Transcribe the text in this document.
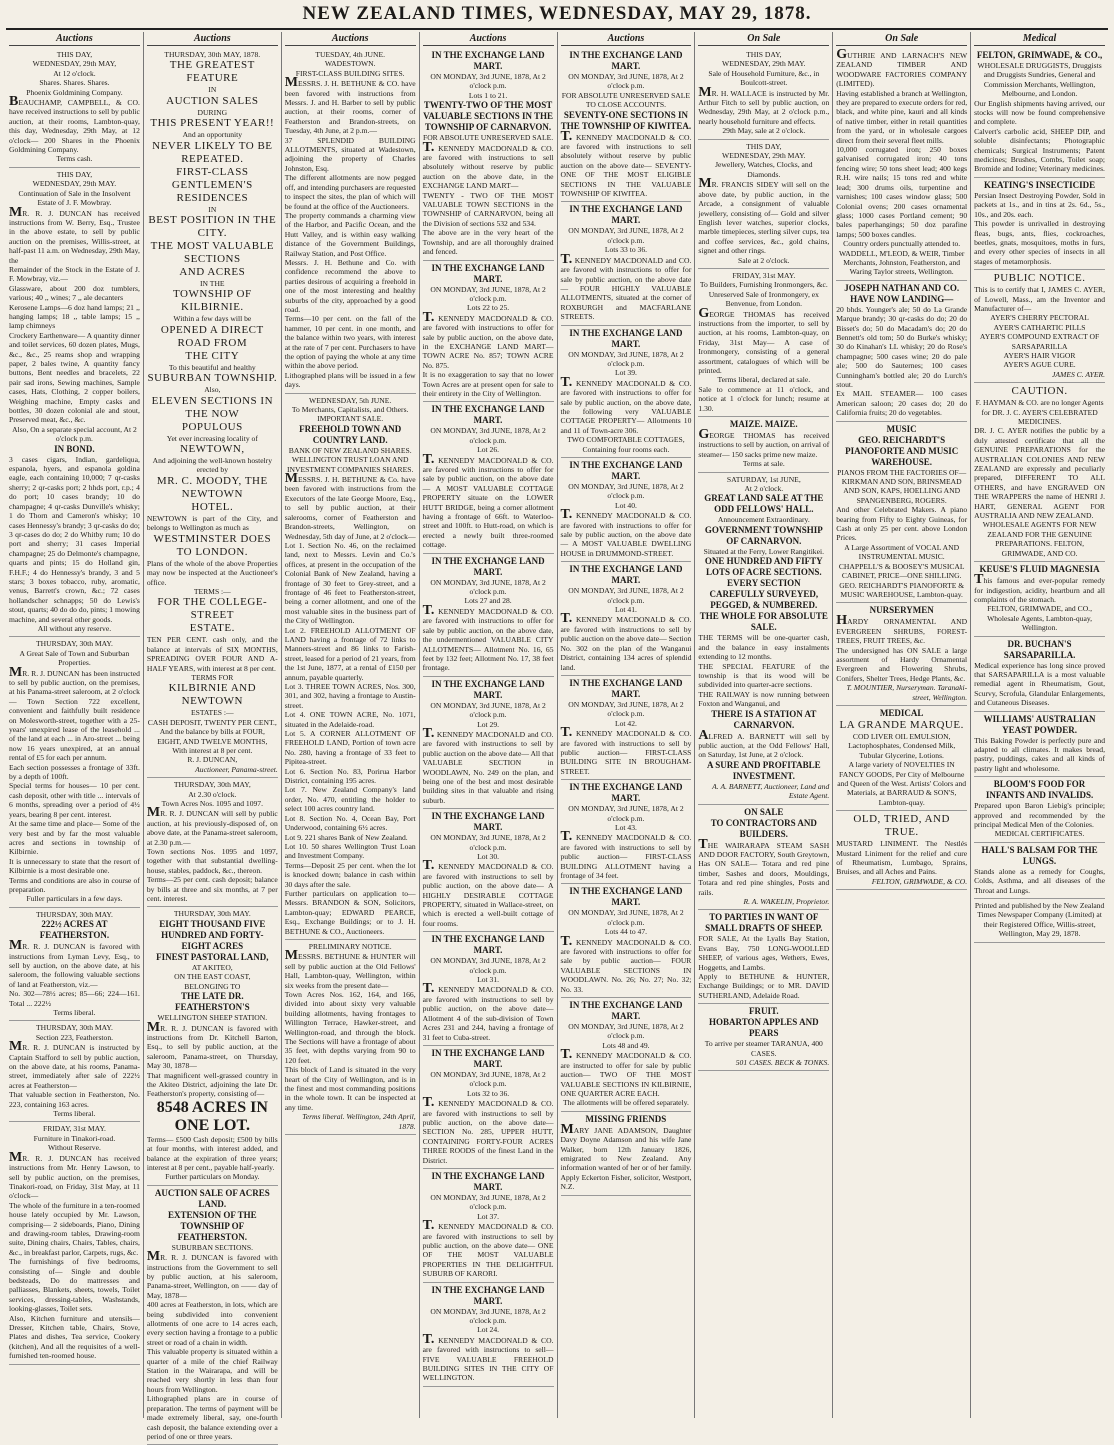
NEW ZEALAND TIMES, WEDNESDAY, MAY 29, 1878.
Auctions

THIS DAY,

WEDNESDAY, 29th MAY,

At 12 o'clock.

Shares. Shares. Shares.

Phoenix Goldmining Company.

BEAUCHAMP, CAMPBELL, & CO. have received instructions to sell by public auction, at their rooms, Lambton-quay, this day, Wednesday, 29th May, at 12 o'clock— 200 Shares in the Phoenix Goldmining Company.

Terms cash.

THIS DAY,

WEDNESDAY, 29th MAY.

Continuation of Sale in the Insolvent Estate of J. F. Mowbray.

MR. R. J. DUNCAN has received instructions from W. Berry, Esq., Trustee in the above estate, to sell by public auction on the premises, Willis-street, at half-past 11 a.m. on Wednesday, 29th May, the

Remainder of the Stock in the Estate of J. F. Mowbray, viz.—

Glassware, about 200 doz tumblers, various; 40 ,, wines; 7 ,, ale decanters

Kerosene Lamps—6 doz hand lamps; 21 ,, hanging lamps; 18 ,, table lamps; 15 ,, lamp chimneys

Crockery Earthenware— A quantity dinner and toilet services, 60 dozen plates, Mugs, &c., &c., 25 reams shop and wrapping paper, 2 bales twine, A quantity fancy buttons, Bent needles and bracelets, 22 pair sad irons, Sewing machines, Sample cases, Hats, Clothing, 2 copper boilers, Weighing machine, Empty casks and bottles, 30 dozen colonial ale and stout, Preserved meat, &c., &c.

Also, On a separate special account, At 2 o'clock p.m.

IN BOND.

3 cases cigars, Indian, gardeliqua, espanola, hyers, and espanola goldina eagle, each containing 10,000; 7 qr-casks sherry; 2 qr-casks port; 2 hhds port, r.p.; 4 do port; 10 cases brandy; 10 do champagne; 4 qr-casks Dunville's whisky; 1 do Thorn and Cameron's whisky; 10 cases Hennessy's brandy; 3 qr-casks do do; 3 qr-cases do do; 2 do Whitby rum; 10 do port and sherry; 31 cases Imperial champagne; 25 do Delmonte's champagne, quarts and pints; 15 do Holland gin, F.H.F.; 4 do Hennessy's brandy, 3 and 5 stars; 3 boxes tobacco, ruby, aromatic, venus, Barrett's crown, &c.; 72 cases hollandscher schnapps; 50 do Lewis's stout, quarts; 40 do do do, pints; 1 mowing machine, and several other goods.

All without any reserve.

THURSDAY, 30th MAY.

A Great Sale of Town and Suburban Properties.

MR. R. J. DUNCAN has been instructed to sell by public auction, on the premises, at his Panama-street saleroom, at 2 o'clock— Town Section 722 excellent, convenient and faithfully built residence on Molesworth-street, together with a 25-years' unexpired lease of the leasehold ... of the land at each ... in Aro-street ... being now 16 years unexpired, at an annual rental of £5 for each per annum.

Each section possesses a frontage of 33ft. by a depth of 100ft.

Special terms for houses— 10 per cent. cash deposit, other with title ... intervals of 6 months, spreading over a period of 4½ years, bearing 8 per cent. interest.

At the same time and place— Some of the very best and by far the most valuable acres and sections in township of Kilbirnie.

It is unnecessary to state that the resort of Kilbirnie is a most desirable one.

Terms and conditions are also in course of preparation.

Fuller particulars in a few days.

THURSDAY, 30th MAY.

222½ ACRES AT FEATHERSTON.

MR. R. J. DUNCAN is favored with instructions from Lyman Levy, Esq., to sell by auction, on the above date, at his saleroom, the following valuable sections of land at Featherston, viz.—

No. 302—78½ acres; 85—66; 224—161. Total ... 222½

Terms liberal.

THURSDAY, 30th MAY.

Section 223, Featherston.

MR. R. J. DUNCAN is instructed by Captain Stafford to sell by public auction, on the above date, at his rooms, Panama-street, immediately after sale of 222½ acres at Featherston—

That valuable section in Featherston, No. 223, containing 163 acres.

Terms liberal.

FRIDAY, 31st MAY.

Furniture in Tinakori-road.

Without Reserve.

MR. R. J. DUNCAN has received instructions from Mr. Henry Lawson, to sell by public auction, on the premises, Tinakori-road, on Friday, 31st May, at 11 o'clock—

The whole of the furniture in a ten-roomed house lately occupied by Mr. Lawson, comprising— 2 sideboards, Piano, Dining and drawing-room tables, Drawing-room suite, Dining chairs, Chairs, Tables, chairs, &c., in breakfast parlor, Carpets, rugs, &c.

The furnishings of five bedrooms, consisting of— Single and double bedsteads, Do do mattresses and palliasses, Blankets, sheets, towels, Toilet services, dressing-tables, Washstands, looking-glasses, Toilet sets.

Also, Kitchen furniture and utensils— Dresser, Kitchen table, Chairs, Stove, Plates and dishes, Tea service, Cookery (kitchen), And all the requisites of a well-furnished ten-roomed house.

Auctions

THURSDAY, 30th MAY, 1878.

THE GREATEST FEATURE

IN

AUCTION SALES

DURING

THIS PRESENT YEAR!!

And an opportunity

NEVER LIKELY TO BE REPEATED.

FIRST-CLASS GENTLEMEN'S RESIDENCES

IN

BEST POSITION IN THE CITY.

THE MOST VALUABLE SECTIONS

AND ACRES

IN THE

TOWNSHIP OF KILBIRNIE.

Within a few days will be

OPENED A DIRECT ROAD FROM

THE CITY

To this beautiful and healthy

SUBURBAN TOWNSHIP.

Also,

ELEVEN SECTIONS IN THE NOW

POPULOUS

Yet ever increasing locality of

NEWTOWN,

And adjoining the well-known hostelry

erected by

MR. C. MOODY, THE NEWTOWN

HOTEL.

NEWTOWN is part of the City, and belongs to Wellington as much as

WESTMINSTER DOES TO LONDON.

Plans of the whole of the above Properties may now be inspected at the Auctioneer's office.

TERMS :—

FOR THE COLLEGE-STREET

ESTATE.

TEN PER CENT. cash only, and the balance at intervals of SIX MONTHS, SPREADING OVER FOUR AND A-HALF YEARS, with interest at 8 per cent.

TERMS FOR

KILBIRNIE AND NEWTOWN

ESTATES :—

CASH DEPOSIT, TWENTY PER CENT.,

And the balance by bills at FOUR, EIGHT, AND TWELVE MONTHS,

With interest at 8 per cent.

R. J. DUNCAN,

Auctioneer, Panama-street.

THURSDAY, 30th MAY,

At 2.30 o'clock.

Town Acres Nos. 1095 and 1097.

MR. R. J. DUNCAN will sell by public auction, at his previously-disposed of, on above date, at the Panama-street saleroom, at 2.30 p.m.—

Town sections Nos. 1095 and 1097, together with that substantial dwelling-house, stables, paddock, &c., thereon.

Terms—25 per cent. cash deposit; balance by bills at three and six months, at 7 per cent. interest.

THURSDAY, 30th MAY.

EIGHT THOUSAND FIVE HUNDRED AND FORTY-EIGHT ACRES

FINEST PASTORAL LAND,

AT AKITEO,

ON THE EAST COAST,

BELONGING TO

THE LATE DR. FEATHERSTON'S

WELLINGTON SHEEP STATION.

MR. R. J. DUNCAN is favored with instructions from Dr. Kitchell Barton, Esq., to sell by public auction, at the saleroom, Panama-street, on Thursday, May 30, 1878—

That magnificent well-grassed country in the Akiteo District, adjoining the late Dr. Featherston's property, consisting of—

8548 ACRES IN ONE LOT.

Terms— £500 Cash deposit; £500 by bills at four months, with interest added, and balance at the expiration of three years; interest at 8 per cent., payable half-yearly.

Further particulars on Monday.

AUCTION SALE OF ACRES LAND.

EXTENSION OF THE TOWNSHIP OF FEATHERSTON.

SUBURBAN SECTIONS.

MR. R. J. DUNCAN is favored with instructions from the Government to sell by public auction, at his saleroom, Panama-street, Wellington, on —— day of May, 1878—

400 acres at Featherston, in lots, which are being subdivided into convenient allotments of one acre to 14 acres each, every section having a frontage to a public street or road of a chain in width.

This valuable property is situated within a quarter of a mile of the chief Railway Station in the Wairarapa, and will be reached very shortly in less than four hours from Wellington.

Lithographed plans are in course of preparation. The terms of payment will be made extremely liberal, say, one-fourth cash deposit, the balance extending over a period of one or three years.

Auctions

TUESDAY, 4th JUNE.

WADESTOWN.

FIRST-CLASS BUILDING SITES.

MESSRS. J. H. BETHUNE & CO. have been favored with instructions from Messrs. J. and H. Barber to sell by public auction, at their rooms, corner of Featherston and Brandon-streets, on Tuesday, 4th June, at 2 p.m.—

37 SPLENDID BUILDING ALLOTMENTS, situated at Wadestown, adjoining the property of Charles Johnston, Esq.

The different allotments are now pegged off, and intending purchasers are requested to inspect the sites, the plan of which will be found at the office of the Auctioneers.

The property commands a charming view of the Harbor, and Pacific Ocean, and the Hutt Valley, and is within easy walking distance of the Government Buildings, Railway Station, and Post Office.

Messrs. J. H. Bethune and Co. with confidence recommend the above to parties desirous of acquiring a freehold in one of the most interesting and healthy suburbs of the city, approached by a good road.

Terms—10 per cent. on the fall of the hammer, 10 per cent. in one month, and the balance within two years, with interest at the rate of 7 per cent. Purchasers to have the option of paying the whole at any time within the above period.

Lithographed plans will be issued in a few days.

WEDNESDAY, 5th JUNE.

To Merchants, Capitalists, and Others.

IMPORTANT SALE.

FREEHOLD TOWN AND COUNTRY LAND.

BANK OF NEW ZEALAND SHARES.

WELLINGTON TRUST LOAN AND INVESTMENT COMPANIES SHARES.

MESSRS. J. H. BETHUNE & Co. have been favored with instructions from the Executors of the late George Moore, Esq., to sell by public auction, at their salerooms, corner of Featherston and Brandon-streets, Wellington, on Wednesday, 5th day of June, at 2 o'clock—

Lot 1. Section No. 46, on the reclaimed land, next to Messrs. Levin and Co.'s offices, at present in the occupation of the Colonial Bank of New Zealand, having a frontage of 30 feet to Grey-street, and a frontage of 46 feet to Featherston-street, being a corner allotment, and one of the most valuable sites in the business part of the City of Wellington.

Lot 2. FREEHOLD ALLOTMENT OF LAND having a frontage of 72 links to Manners-street and 86 links to Farish-street, leased for a period of 21 years, from the 1st June, 1877, at a rental of £150 per annum, payable quarterly.

Lot 3. THREE TOWN ACRES, Nos. 300, 301, and 302, having a frontage to Austin-street.

Lot 4. ONE TOWN ACRE, No. 1071, situated in the Adelaide-road.

Lot 5. A CORNER ALLOTMENT OF FREEHOLD LAND, Portion of town acre No. 280, having a frontage of 33 feet to Pipitea-street.

Lot 6. Section No. 83, Porirua Harbor District, containing 195 acres.

Lot 7. New Zealand Company's land order, No. 470, entitling the holder to select 100 acres country land.

Lot 8. Section No. 4, Ocean Bay, Port Underwood, containing 6½ acres.

Lot 9. 221 shares Bank of New Zealand.

Lot 10. 50 shares Wellington Trust Loan and Investment Company.

Terms—Deposit 25 per cent. when the lot is knocked down; balance in cash within 30 days after the sale.

Further particulars on application to— Messrs. BRANDON & SON, Solicitors, Lambton-quay; EDWARD PEARCE, Esq., Exchange Buildings; or to J. H. BETHUNE & CO., Auctioneers.

PRELIMINARY NOTICE.

MESSRS. BETHUNE & HUNTER will sell by public auction at the Old Fellows' Hall, Lambton-quay, Wellington, within six weeks from the present date—

Town Acres Nos. 162, 164, and 166, divided into about sixty very valuable building allotments, having frontages to Willington Terrace, Hawker-street, and Wellington-road, and through the block. The Sections will have a frontage of about 35 feet, with depths varying from 90 to 120 feet.

This block of Land is situated in the very heart of the City of Wellington, and is in the finest and most commanding positions in the whole town. It can be inspected at any time.

Terms liberal. Wellington, 24th April, 1878.

Auctions

IN THE EXCHANGE LAND MART.

ON MONDAY, 3rd JUNE, 1878, At 2 o'clock p.m.

Lots 1 to 21.

TWENTY-TWO OF THE MOST VALUABLE SECTIONS IN THE TOWNSHIP OF CARNARVON.

FOR ABSOLUTE UNRESERVED SALE.

T. KENNEDY MACDONALD & CO. are favored with instructions to sell absolutely without reserve by public auction on the above date, in the EXCHANGE LAND MART—

TWENTY - TWO OF THE MOST VALUABLE TOWN SECTIONS in the TOWNSHIP of CARNARVON, being all the Division of sections 532 and 534.

The above are in the very heart of the Township, and are all thoroughly drained and fenced.

IN THE EXCHANGE LAND MART.

ON MONDAY, 3rd JUNE, 1878, At 2 o'clock p.m.

Lots 22 to 25.

T. KENNEDY MACDONALD & CO. are favored with instructions to offer for sale by public auction, on the above date, in the EXCHANGE LAND MART— TOWN ACRE No. 857; TOWN ACRE No. 875.

It is no exaggeration to say that no lower Town Acres are at present open for sale to their entirety in the City of Wellington.

IN THE EXCHANGE LAND MART.

ON MONDAY, 3rd JUNE, 1878, At 2 o'clock p.m.

Lot 26.

T. KENNEDY MACDONALD & CO. are favored with instructions to offer for sale by public auction, on the above date— A MOST VALUABLE COTTAGE PROPERTY situate on the LOWER HUTT BRIDGE, being a corner allotment having a frontage of 66ft. to Waterloo-street and 100ft. to Hutt-road, on which is erected a newly built three-roomed cottage.

IN THE EXCHANGE LAND MART.

ON MONDAY, 3rd JUNE, 1878, At 2 o'clock p.m.

Lots 27 and 28.

T. KENNEDY MACDONALD & CO. are favored with instructions to offer for sale by public auction, on the above date, the undermentioned VALUABLE CITY ALLOTMENTS— Allotment No. 16, 65 feet by 132 feet; Allotment No. 17, 38 feet frontage.

IN THE EXCHANGE LAND MART.

ON MONDAY, 3rd JUNE, 1878, At 2 o'clock p.m.

Lot 29.

T. KENNEDY MACDONALD and CO. are favored with instructions to sell by public auction on the above date— All that VALUABLE SECTION in WOODLAWN, No. 249 on the plan, and being one of the best and most desirable building sites in that valuable and rising suburb.

IN THE EXCHANGE LAND MART.

ON MONDAY, 3rd JUNE, 1878, At 2 o'clock p.m.

Lot 30.

T. KENNEDY MACDONALD & CO. are favored with instructions to sell by public auction, on the above date— A HIGHLY DESIRABLE COTTAGE PROPERTY, situated in Wallace-street, on which is erected a well-built cottage of four rooms.

IN THE EXCHANGE LAND MART.

ON MONDAY, 3rd JUNE, 1878, At 2 o'clock p.m.

Lot 31.

T. KENNEDY MACDONALD & CO. are favored with instructions to sell by public auction, on the above date— Allotment 4 of the sub-division of Town Acres 231 and 244, having a frontage of 31 feet to Cuba-street.

IN THE EXCHANGE LAND MART.

ON MONDAY, 3rd JUNE, 1878, At 2 o'clock p.m.

Lots 32 to 36.

T. KENNEDY MACDONALD & CO. are favored with instructions to sell by public auction, on the above date— SECTION No. 285, UPPER HUTT, CONTAINING FORTY-FOUR ACRES THREE ROODS of the finest Land in the District.

IN THE EXCHANGE LAND MART.

ON MONDAY, 3rd JUNE, 1878, At 2 o'clock p.m.

Lot 37.

T. KENNEDY MACDONALD & CO. are favored with instructions to sell by public auction, on the above date— ONE OF THE MOST VALUABLE PROPERTIES IN THE DELIGHTFUL SUBURB OF KARORI.

IN THE EXCHANGE LAND MART.

ON MONDAY, 3rd JUNE, 1878, At 2 o'clock p.m.

Lot 24.

T. KENNEDY MACDONALD & CO. are favored with instructions to sell— FIVE VALUABLE FREEHOLD BUILDING SITES IN THE CITY OF WELLINGTON.

Auctions

IN THE EXCHANGE LAND MART.

ON MONDAY, 3rd JUNE, 1878, At 2 o'clock p.m.

FOR ABSOLUTE UNRESERVED SALE TO CLOSE ACCOUNTS.

SEVENTY-ONE SECTIONS IN THE TOWNSHIP OF KIWITEA.

T. KENNEDY MACDONALD & CO. are favored with instructions to sell absolutely without reserve by public auction on the above date— SEVENTY-ONE OF THE MOST ELIGIBLE SECTIONS IN THE VALUABLE TOWNSHIP OF KIWITEA.

IN THE EXCHANGE LAND MART.

ON MONDAY, 3rd JUNE, 1878, At 2 o'clock p.m.

Lots 33 to 36.

T. KENNEDY MACDONALD and CO. are favored with instructions to offer for sale by public auction, on the above date— FOUR HIGHLY VALUABLE ALLOTMENTS, situated at the corner of ROXBURGH and MACFARLANE STREETS.

IN THE EXCHANGE LAND MART.

ON MONDAY, 3rd JUNE, 1878, At 2 o'clock p.m.

Lot 39.

T. KENNEDY MACDONALD & CO. are favored with instructions to offer for sale by public auction, on the above date, the following very VALUABLE COTTAGE PROPERTY— Allotments 10 and 11 of Town-acre 306.

TWO COMFORTABLE COTTAGES, Containing four rooms each.

IN THE EXCHANGE LAND MART.

ON MONDAY, 3rd JUNE, 1878, At 2 o'clock p.m.

Lot 40.

T. KENNEDY MACDONALD & CO. are favored with instructions to offer for sale by public auction, on the above date— A MOST VALUABLE DWELLING HOUSE in DRUMMOND-STREET.

IN THE EXCHANGE LAND MART.

ON MONDAY, 3rd JUNE, 1878, At 2 o'clock p.m.

Lot 41.

T. KENNEDY MACDONALD & CO. are favored with instructions to sell by public auction on the above date— Section No. 302 on the plan of the Wanganui District, containing 134 acres of splendid land.

IN THE EXCHANGE LAND MART.

ON MONDAY, 3rd JUNE, 1878, At 2 o'clock p.m.

Lot 42.

T. KENNEDY MACDONALD & CO. are favored with instructions to sell by public auction— FIRST-CLASS BUILDING SITE IN BROUGHAM-STREET.

IN THE EXCHANGE LAND MART.

ON MONDAY, 3rd JUNE, 1878, At 2 o'clock p.m.

Lot 43.

T. KENNEDY MACDONALD & CO. are favored with instructions to sell by public auction— FIRST-CLASS BUILDING ALLOTMENT having a frontage of 34 feet.

IN THE EXCHANGE LAND MART.

ON MONDAY, 3rd JUNE, 1878, At 2 o'clock p.m.

Lots 44 to 47.

T. KENNEDY MACDONALD & CO. are favored with instructions to offer for sale by public auction— FOUR VALUABLE SECTIONS IN WOODLAWN. No. 26; No. 27; No. 32; No. 33.

IN THE EXCHANGE LAND MART.

ON MONDAY, 3rd JUNE, 1878, At 2 o'clock p.m.

Lots 48 and 49.

T. KENNEDY MACDONALD & CO. are instructed to offer for sale by public auction— TWO OF THE MOST VALUABLE SECTIONS IN KILBIRNIE, ONE QUARTER ACRE EACH.

The allotments will be offered separately.

MISSING FRIENDS

MARY JANE ADAMSON, Daughter Davy Doyne Adamson and his wife Jane Walker, born 12th January 1826, emigrated to New Zealand. Any information wanted of her or of her family. Apply Eckerton Fisher, solicitor, Westport, N.Z.

On Sale

THIS DAY,

WEDNESDAY, 29th MAY.

Sale of Household Furniture, &c., in Boulcott-street.

MR. H. WALLACE is instructed by Mr. Arthur Fitch to sell by public auction, on Wednesday, 29th May, at 2 o'clock p.m., nearly household furniture and effects.

29th May, sale at 2 o'clock.

THIS DAY,

WEDNESDAY, 29th MAY.

Jewellery, Watches, Clocks, and Diamonds.

MR. FRANCIS SIDEY will sell on the above date, by public auction, in the Arcade, a consignment of valuable jewellery, consisting of— Gold and silver English lever watches, superior clocks, marble timepieces, sterling silver cups, tea and coffee services, &c., gold chains, signet and other rings.

Sale at 2 o'clock.

FRIDAY, 31st MAY.

To Builders, Furnishing Ironmongers, &c.

Unreserved Sale of Ironmongery, ex Benvenue, from London.

GEORGE THOMAS has received instructions from the importer, to sell by auction, at his rooms, Lambton-quay, on Friday, 31st May— A case of Ironmongery, consisting of a general assortment, catalogues of which will be printed.

Terms liberal, declared at sale.

Sale to commence at 11 o'clock, and notice at 1 o'clock for lunch; resume at 1.30.

MAIZE. MAIZE.

GEORGE THOMAS has received instructions to sell by auction, on arrival of steamer— 150 sacks prime new maize.

Terms at sale.

SATURDAY, 1st JUNE,

At 2 o'clock.

GREAT LAND SALE AT THE ODD FELLOWS' HALL.

Announcement Extraordinary.

GOVERNMENT TOWNSHIP OF CARNARVON.

Situated at the Ferry, Lower Rangitikei.

ONE HUNDRED AND FIFTY LOTS OF ACRE SECTIONS.

EVERY SECTION CAREFULLY SURVEYED, PEGGED, & NUMBERED.

THE WHOLE FOR ABSOLUTE SALE.

THE TERMS will be one-quarter cash, and the balance in easy instalments extending to 12 months.

THE SPECIAL FEATURE of the township is that its wood will be subdivided into quarter-acre sections.

THE RAILWAY is now running between Foxton and Wanganui, and

THERE IS A STATION AT CARNARVON.

ALFRED A. BARNETT will sell by public auction, at the Odd Fellows' Hall, on Saturday, 1st June, at 2 o'clock.

A SURE AND PROFITABLE INVESTMENT.

A. A. BARNETT, Auctioneer, Land and Estate Agent.

ON SALE

TO CONTRACTORS AND BUILDERS.

THE WAIRARAPA STEAM SASH AND DOOR FACTORY, South Greytown, Has ON SALE— Totara and red pine timber, Sashes and doors, Mouldings, Totara and red pine shingles, Posts and rails.

R. A. WAKELIN, Proprietor.

TO PARTIES IN WANT OF SMALL DRAFTS OF SHEEP.

FOR SALE, At the Lyalls Bay Station, Evans Bay, 750 LONG-WOOLLED SHEEP, of various ages, Wethers, Ewes, Hoggetts, and Lambs.

Apply to BETHUNE & HUNTER, Exchange Buildings; or to MR. DAVID SUTHERLAND, Adelaide Road.

FRUIT.

HOBARTON APPLES AND PEARS

To arrive per steamer TARANUA, 400 CASES.

501 CASES. BECK & TONKS.

On Sale

GUTHRIE AND LARNACH'S NEW ZEALAND TIMBER AND WOODWARE FACTORIES COMPANY (LIMITED).

Having established a branch at Wellington, they are prepared to execute orders for red, black, and white pine, kauri and all kinds of native timber, either in retail quantities from the yard, or in wholesale cargoes direct from their several fleet mills.

10,000 corrugated iron; 250 boxes galvanised corrugated iron; 40 tons fencing wire; 50 tons sheet lead; 400 kegs R.H. wire nails; 15 tons red and white lead; 300 drums oils, turpentine and varnishes; 100 cases window glass; 500 Colonial ovens; 200 cases ornamental glass; 1000 cases Portland cement; 90 bales paperhangings; 50 doz parafine lamps; 500 boxes candles.

Country orders punctually attended to.

WADDELL, M'LEOD, & WEIR, Timber Merchants, Johnston, Featherston, and Waring Taylor streets, Wellington.

JOSEPH NATHAN AND CO. HAVE NOW LANDING—

20 bhds. Younger's ale; 50 do La Grande Marque brandy; 30 qr-casks do do; 20 do Bisset's do; 50 do Macadam's do; 20 do Bennett's old tom; 50 do Burke's whisky; 30 do Kinahan's LL whisky; 20 do Rose's champagne; 500 cases wine; 20 do pale ale; 500 do Sauternes; 100 cases Cunningham's bottled ale; 20 do Lurch's stout.

Ex MAIL STEAMER— 100 cases American saloon; 20 cases do; 20 do California fruits; 20 do vegetables.

MUSIC

GEO. REICHARDT'S PIANOFORTE AND MUSIC WAREHOUSE.

PIANOS FROM THE FACTORIES OF— KIRKMAN AND SON, BRINSMEAD AND SON, KAPS, HOELLING AND SPANGENBERG, ROGERS.

And other Celebrated Makers. A piano bearing from Fifty to Eighty Guineas, for Cash at only 25 per cent. above London Prices.

A Large Assortment of VOCAL AND INSTRUMENTAL MUSIC.

CHAPPELL'S & BOOSEY'S MUSICAL CABINET, PRICE—ONE SHILLING.

GEO. REICHARDT'S PIANOFORTE & MUSIC WAREHOUSE, Lambton-quay.

NURSERYMEN

HARDY ORNAMENTAL AND EVERGREEN SHRUBS, FOREST-TREES, FRUIT TREES, &c.

The undersigned has ON SALE a large assortment of Hardy Ornamental Evergreen and Flowering Shrubs, Conifers, Shelter Trees, Hedge Plants, &c.

T. MOUNTIER, Nurseryman. Taranaki-street, Wellington.

MEDICAL

LA GRANDE MARQUE.

COD LIVER OIL EMULSION, Lactophosphates, Condensed Milk, Tubular Glycerine, Lotions.

A large variety of NOVELTIES IN FANCY GOODS, Per City of Melbourne and Queen of the West. Artists' Colors and Materials, at BARRAUD & SON'S, Lambton-quay.

OLD, TRIED, AND TRUE.

MUSTARD LINIMENT. The Nestlés Mustard Liniment for the relief and cure of Rheumatism, Lumbago, Sprains, Bruises, and all Aches and Pains.

FELTON, GRIMWADE, & CO.

Medical

FELTON, GRIMWADE, & CO.,

WHOLESALE DRUGGISTS, Druggists and Druggists Sundries, General and Commission Merchants, Wellington, Melbourne, and London.

Our English shipments having arrived, our stocks will now be found comprehensive and complete.

Calvert's carbolic acid, SHEEP DIP, and soluble disinfectants; Photographic chemicals; Surgical Instruments; Patent medicines; Brushes, Combs, Toilet soap; Bromide and Iodine; Veterinary medicines.

KEATING'S INSECTICIDE

Persian Insect Destroying Powder, Sold in packets at 1s., and in tins at 2s. 6d., 5s., 10s., and 20s. each.

This powder is unrivalled in destroying fleas, bugs, ants, flies, cockroaches, beetles, gnats, mosquitoes, moths in furs, and every other species of insects in all stages of metamorphosis.

PUBLIC NOTICE.

This is to certify that I, JAMES C. AYER, of Lowell, Mass., am the Inventor and Manufacturer of—

AYER'S CHERRY PECTORAL

AYER'S CATHARTIC PILLS

AYER'S COMPOUND EXTRACT OF SARSAPARILLA

AYER'S HAIR VIGOR

AYER'S AGUE CURE.

JAMES C. AYER.

CAUTION.

F. HAYMAN & CO. are no longer Agents for DR. J. C. AYER'S CELEBRATED MEDICINES.

DR. J. C. AYER notifies the public by a duly attested certificate that all the GENUINE PREPARATIONS for the AUSTRALIAN COLONIES AND NEW ZEALAND are expressly and peculiarly prepared, DIFFERENT TO ALL OTHERS, and have ENGRAVED ON THE WRAPPERS the name of HENRI J. HART, GENERAL AGENT FOR AUSTRALIA AND NEW ZEALAND.

WHOLESALE AGENTS FOR NEW ZEALAND FOR THE GENUINE PREPARATIONS. FELTON, GRIMWADE, AND CO.

KEUSE'S FLUID MAGNESIA

This famous and ever-popular remedy for indigestion, acidity, heartburn and all complaints of the stomach.

FELTON, GRIMWADE, and CO., Wholesale Agents, Lambton-quay, Wellington.

DR. BUCHAN'S SARSAPARILLA.

Medical experience has long since proved that SARSAPARILLA is a most valuable remedial agent in Rheumatism, Gout, Scurvy, Scrofula, Glandular Enlargements, and Cutaneous Diseases.

WILLIAMS' AUSTRALIAN YEAST POWDER.

This Baking Powder is perfectly pure and adapted to all climates. It makes bread, pastry, puddings, cakes and all kinds of pastry light and wholesome.

BLOOM'S FOOD FOR INFANTS AND INVALIDS.

Prepared upon Baron Liebig's principle; approved and recommended by the principal Medical Men of the Colonies.

MEDICAL CERTIFICATES.

HALL'S BALSAM FOR THE LUNGS.

Stands alone as a remedy for Coughs, Colds, Asthma, and all diseases of the Throat and Lungs.

Printed and published by the New Zealand Times Newspaper Company (Limited) at their Registered Office, Willis-street, Wellington, May 29, 1878.
